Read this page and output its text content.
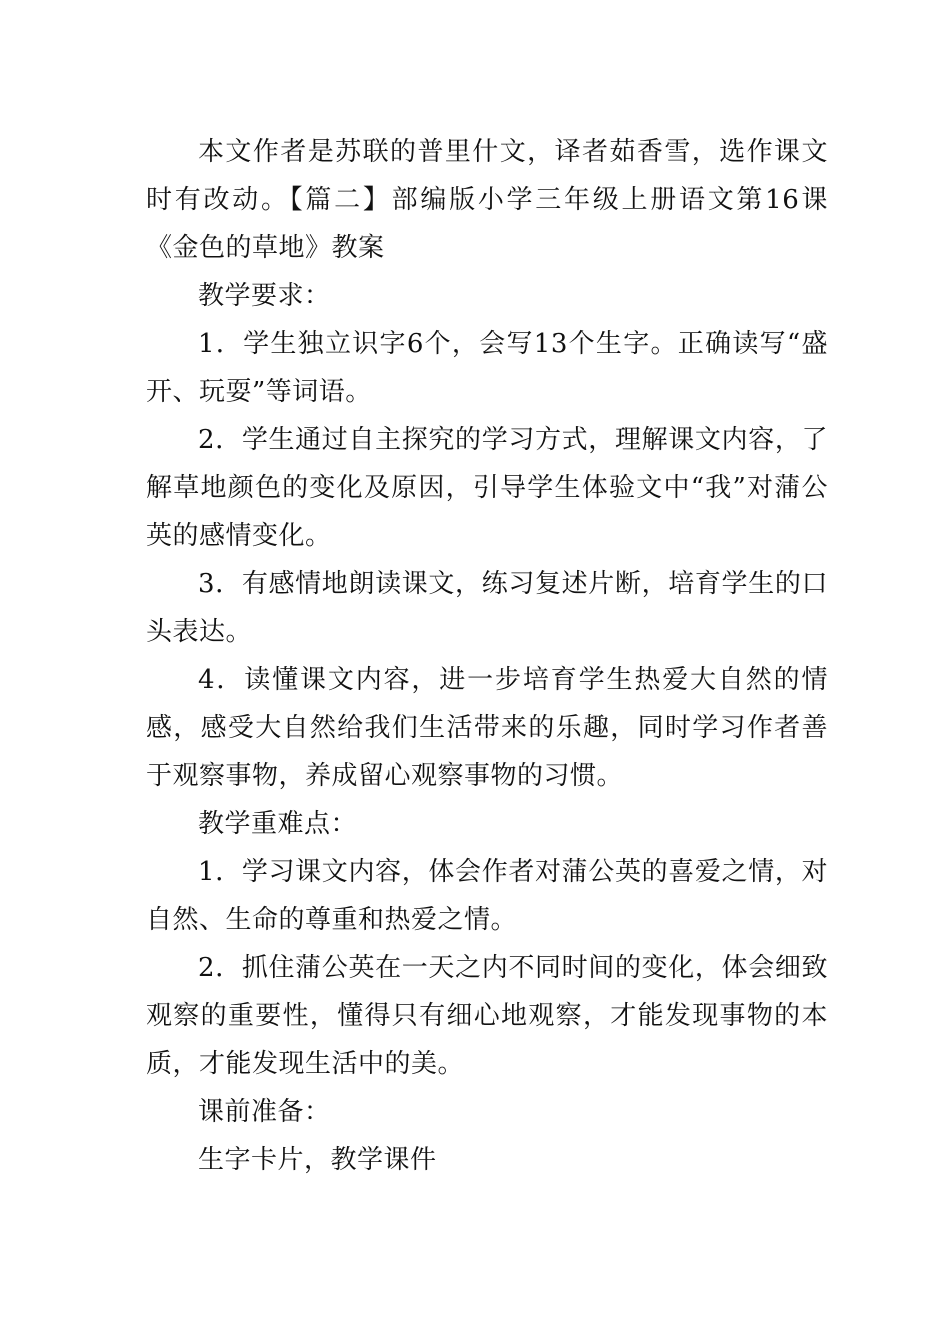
本文作者是苏联的普里什文，译者茹香雪，选作课文时有改动。【篇二】部编版小学三年级上册语文第16课《金色的草地》教案

教学要求：

1．学生独立识字6个，会写13个生字。正确读写“盛开、玩耍”等词语。

2．学生通过自主探究的学习方式，理解课文内容，了解草地颜色的变化及原因，引导学生体验文中“我”对蒲公英的感情变化。

3．有感情地朗读课文，练习复述片断，培育学生的口头表达。

4．读懂课文内容，进一步培育学生热爱大自然的情感，感受大自然给我们生活带来的乐趣，同时学习作者善于观察事物，养成留心观察事物的习惯。

教学重难点：

1．学习课文内容，体会作者对蒲公英的喜爱之情，对自然、生命的尊重和热爱之情。

2．抓住蒲公英在一天之内不同时间的变化，体会细致观察的重要性，懂得只有细心地观察，才能发现事物的本质，才能发现生活中的美。

课前准备：

生字卡片，教学课件
